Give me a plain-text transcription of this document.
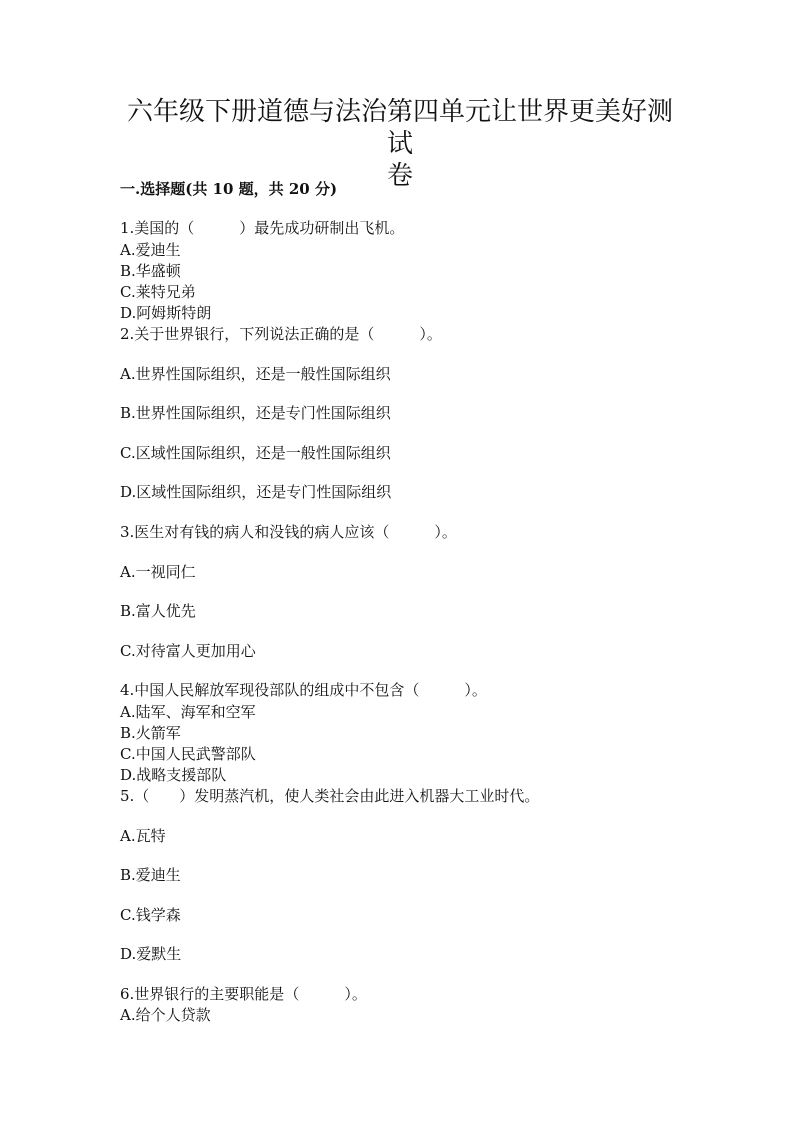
六年级下册道德与法治第四单元让世界更美好测试
卷
一.选择题(共 10 题，共 20 分)
1.美国的（　　　）最先成功研制出飞机。
A.爱迪生
B.华盛顿
C.莱特兄弟
D.阿姆斯特朗
2.关于世界银行，下列说法正确的是（　　　）。
A.世界性国际组织，还是一般性国际组织
B.世界性国际组织，还是专门性国际组织
C.区域性国际组织，还是一般性国际组织
D.区域性国际组织，还是专门性国际组织
3.医生对有钱的病人和没钱的病人应该（　　　）。
A.一视同仁
B.富人优先
C.对待富人更加用心
4.中国人民解放军现役部队的组成中不包含（　　　）。
A.陆军、海军和空军
B.火箭军
C.中国人民武警部队
D.战略支援部队
5.（　　）发明蒸汽机，使人类社会由此进入机器大工业时代。
A.瓦特
B.爱迪生
C.钱学森
D.爱默生
6.世界银行的主要职能是（　　　）。
A.给个人贷款
